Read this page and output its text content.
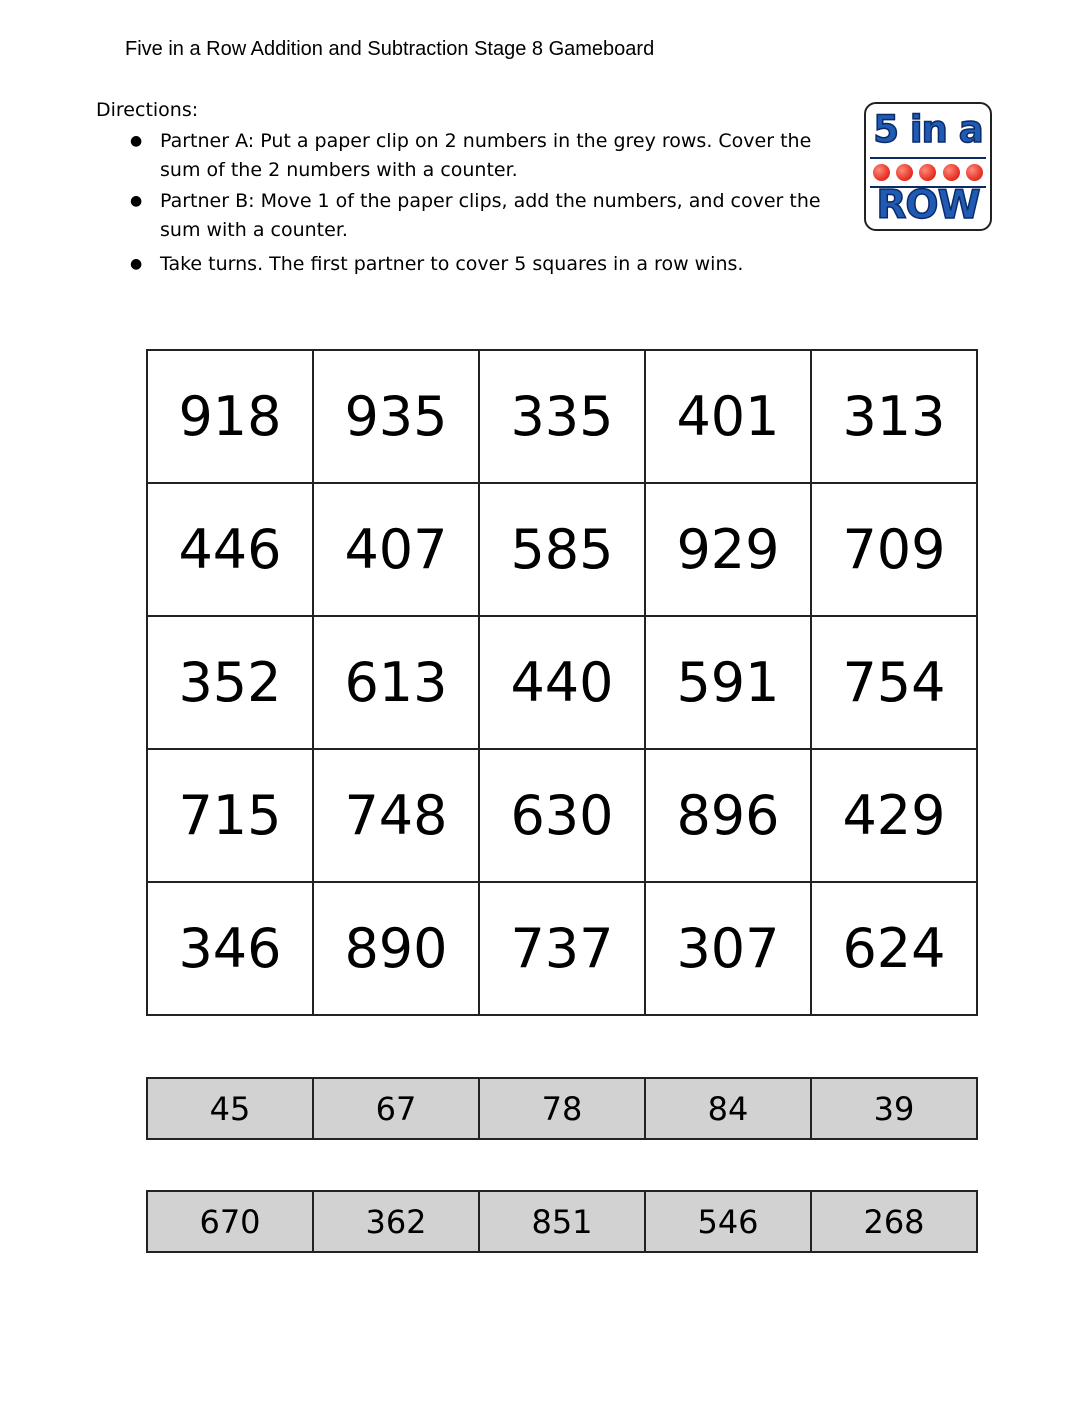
Five in a Row Addition and Subtraction Stage 8 Gameboard
Directions:
● Partner A: Put a paper clip on 2 numbers in the grey rows. Cover the sum of the 2 numbers with a counter.
● Partner B: Move 1 of the paper clips, add the numbers, and cover the sum with a counter.
● Take turns. The first partner to cover 5 squares in a row wins.
5 in a
ROW
918	935	335	401	313
446	407	585	929	709
352	613	440	591	754
715	748	630	896	429
346	890	737	307	624
45	67	78	84	39
670	362	851	546	268
